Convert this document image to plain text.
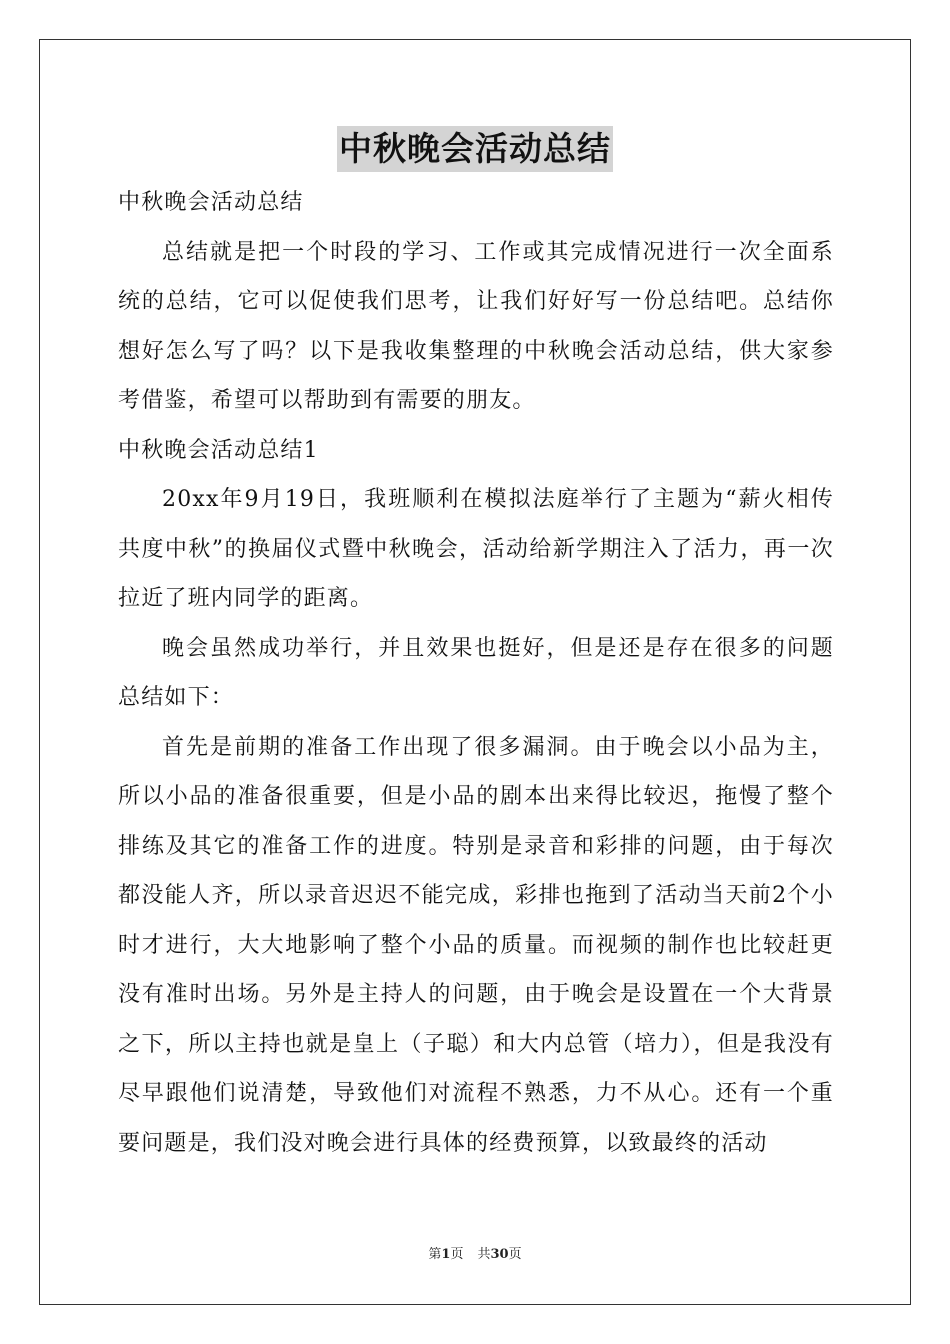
中秋晚会活动总结

中秋晚会活动总结

总结就是把一个时段的学习、工作或其完成情况进行一次全面系统的总结，它可以促使我们思考，让我们好好写一份总结吧。总结你想好怎么写了吗？以下是我收集整理的中秋晚会活动总结，供大家参考借鉴，希望可以帮助到有需要的朋友。

中秋晚会活动总结1

20xx年9月19日，我班顺利在模拟法庭举行了主题为“薪火相传共度中秋”的换届仪式暨中秋晚会，活动给新学期注入了活力，再一次拉近了班内同学的距离。

晚会虽然成功举行，并且效果也挺好，但是还是存在很多的问题总结如下：

首先是前期的准备工作出现了很多漏洞。由于晚会以小品为主，所以小品的准备很重要，但是小品的剧本出来得比较迟，拖慢了整个排练及其它的准备工作的进度。特别是录音和彩排的问题，由于每次都没能人齐，所以录音迟迟不能完成，彩排也拖到了活动当天前2个小时才进行，大大地影响了整个小品的质量。而视频的制作也比较赶更没有准时出场。另外是主持人的问题，由于晚会是设置在一个大背景之下，所以主持也就是皇上（子聪）和大内总管（培力），但是我没有尽早跟他们说清楚，导致他们对流程不熟悉，力不从心。还有一个重要问题是，我们没对晚会进行具体的经费预算，以致最终的活动

第1页 共30页
